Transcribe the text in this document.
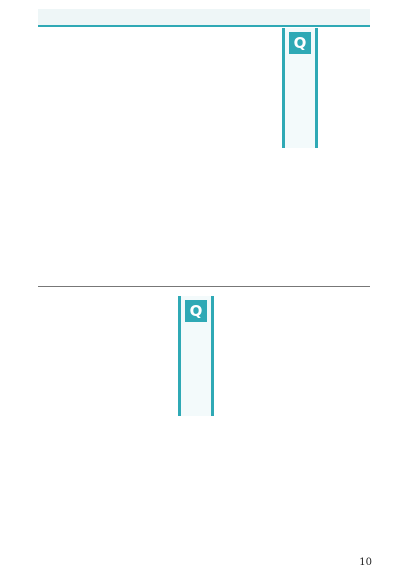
Q
Q
10
